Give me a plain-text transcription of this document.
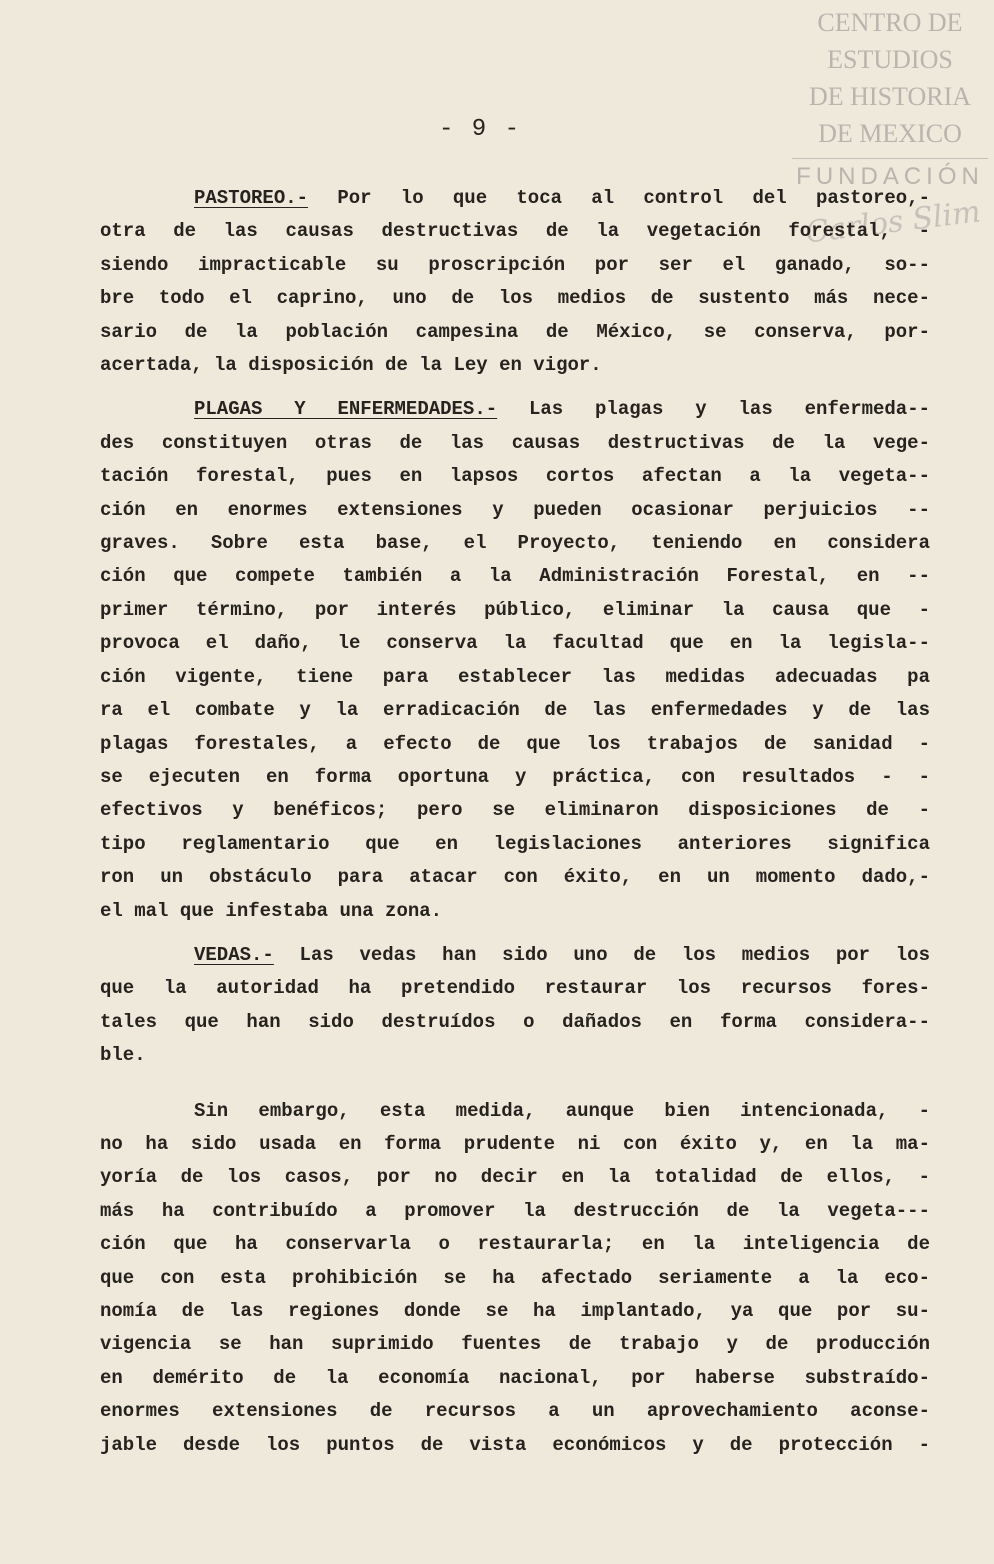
CENTRO DE
ESTUDIOS
DE HISTORIA
DE MEXICO
FUNDACIÓN
Carlos Slim
- 9 -

PASTOREO.- Por lo que toca al control del pastoreo,-
otra de las causas destructivas de la vegetación forestal, -
siendo impracticable su proscripción por ser el ganado, so--
bre todo el caprino, uno de los medios de sustento más nece-
sario de la población campesina de México, se conserva, por-
acertada, la disposición de la Ley en vigor.

PLAGAS Y ENFERMEDADES.- Las plagas y las enfermeda--
des constituyen otras de las causas destructivas de la vege-
tación forestal, pues en lapsos cortos afectan a la vegeta--
ción en enormes extensiones y pueden ocasionar perjuicios --
graves. Sobre esta base, el Proyecto, teniendo en considera
ción que compete también a la Administración Forestal, en --
primer término, por interés público, eliminar la causa que -
provoca el daño, le conserva la facultad que en la legisla--
ción vigente, tiene para establecer las medidas adecuadas pa
ra el combate y la erradicación de las enfermedades y de las
plagas forestales, a efecto de que los trabajos de sanidad -
se ejecuten en forma oportuna y práctica, con resultados - -
efectivos y benéficos; pero se eliminaron disposiciones de -
tipo reglamentario que en legislaciones anteriores significa
ron un obstáculo para atacar con éxito, en un momento dado,-
el mal que infestaba una zona.

VEDAS.- Las vedas han sido uno de los medios por los
que la autoridad ha pretendido restaurar los recursos fores-
tales que han sido destruídos o dañados en forma considera--
ble.

Sin embargo, esta medida, aunque bien intencionada, -
no ha sido usada en forma prudente ni con éxito y, en la ma-
yoría de los casos, por no decir en la totalidad de ellos, -
más ha contribuído a promover la destrucción de la vegeta---
ción que ha conservarla o restaurarla; en la inteligencia de
que con esta prohibición se ha afectado seriamente a la eco-
nomía de las regiones donde se ha implantado, ya que por su-
vigencia se han suprimido fuentes de trabajo y de producción
en demérito de la economía nacional, por haberse substraído-
enormes extensiones de recursos a un aprovechamiento aconse-
jable desde los puntos de vista económicos y de protección -
